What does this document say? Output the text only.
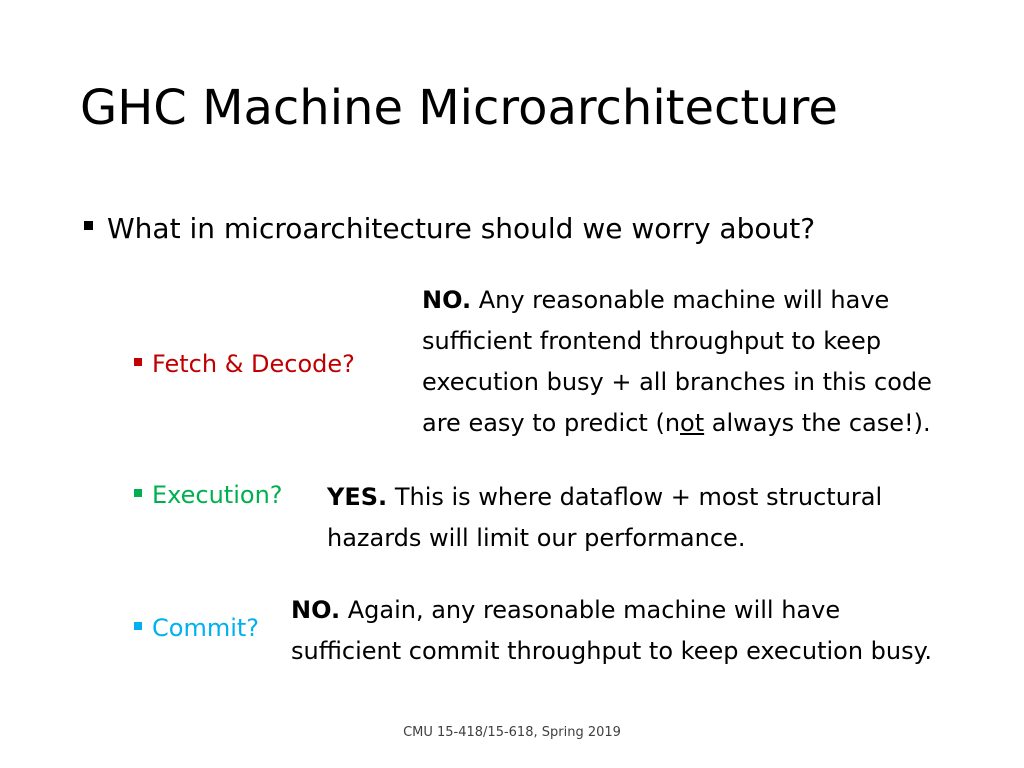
GHC Machine Microarchitecture
What in microarchitecture should we worry about?
Fetch & Decode?
NO. Any reasonable machine will have
sufficient frontend throughput to keep
execution busy + all branches in this code
are easy to predict (not always the case!).
Execution? YES. This is where dataflow + most structural
hazards will limit our performance.
Commit?
NO. Again, any reasonable machine will have
sufficient commit throughput to keep execution busy.
CMU 15-418/15-618, Spring 2019
